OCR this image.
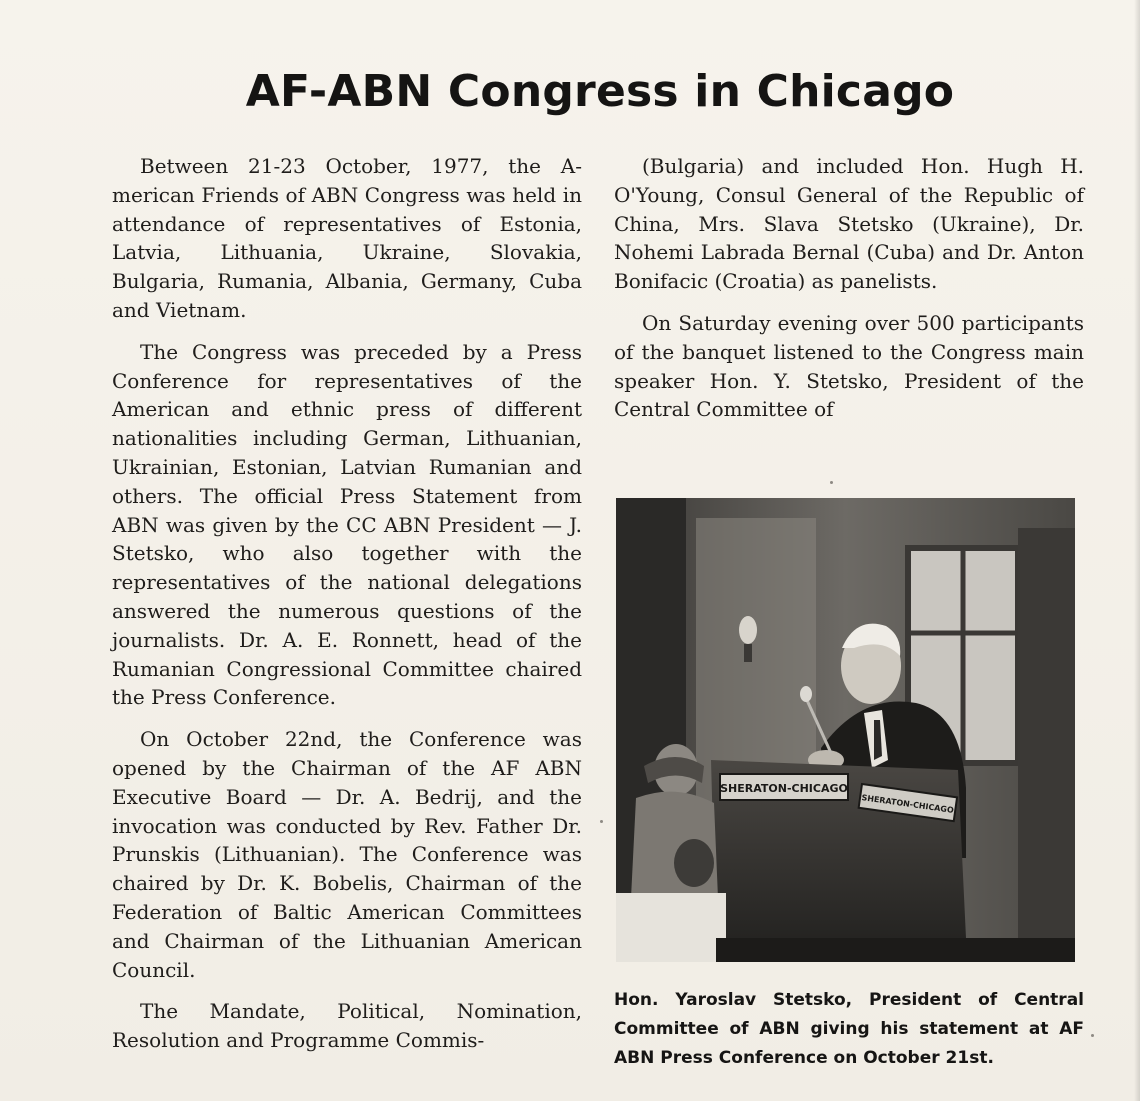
AF-ABN Congress in Chicago

Between 21-23 October, 1977, the A-merican Friends of ABN Congress was held in attendance of representatives of Estonia, Latvia, Lithuania, Ukraine, Slovakia, Bulgaria, Rumania, Albania, Germany, Cuba and Vietnam.

The Congress was preceded by a Press Conference for representatives of the American and ethnic press of different nationalities including German, Lithuanian, Ukrainian, Estonian, Latvian Rumanian and others. The official Press Statement from ABN was given by the CC ABN President — J. Stetsko, who also together with the representatives of the national delegations answered the numerous questions of the journalists. Dr. A. E. Ronnett, head of the Rumanian Congressional Committee chaired the Press Conference.

On October 22nd, the Conference was opened by the Chairman of the AF ABN Executive Board — Dr. A. Bedrij, and the invocation was conducted by Rev. Father Dr. Prunskis (Lithuanian). The Conference was chaired by Dr. K. Bobelis, Chairman of the Federation of Baltic American Committees and Chairman of the Lithuanian American Council.

The Mandate, Political, Nomination, Resolution and Programme Commis-

(Bulgaria) and included Hon. Hugh H. O'Young, Consul General of the Republic of China, Mrs. Slava Stetsko (Ukraine), Dr. Nohemi Labrada Bernal (Cuba) and Dr. Anton Bonifacic (Croatia) as panelists.

On Saturday evening over 500 participants of the banquet listened to the Congress main speaker Hon. Y. Stetsko, President of the Central Committee of

SHERATON-CHICAGO
SHERATON-CHICAGO
Hon. Yaroslav Stetsko, President of Central Committee of ABN giving his statement at AF ABN Press Conference on October 21st.
